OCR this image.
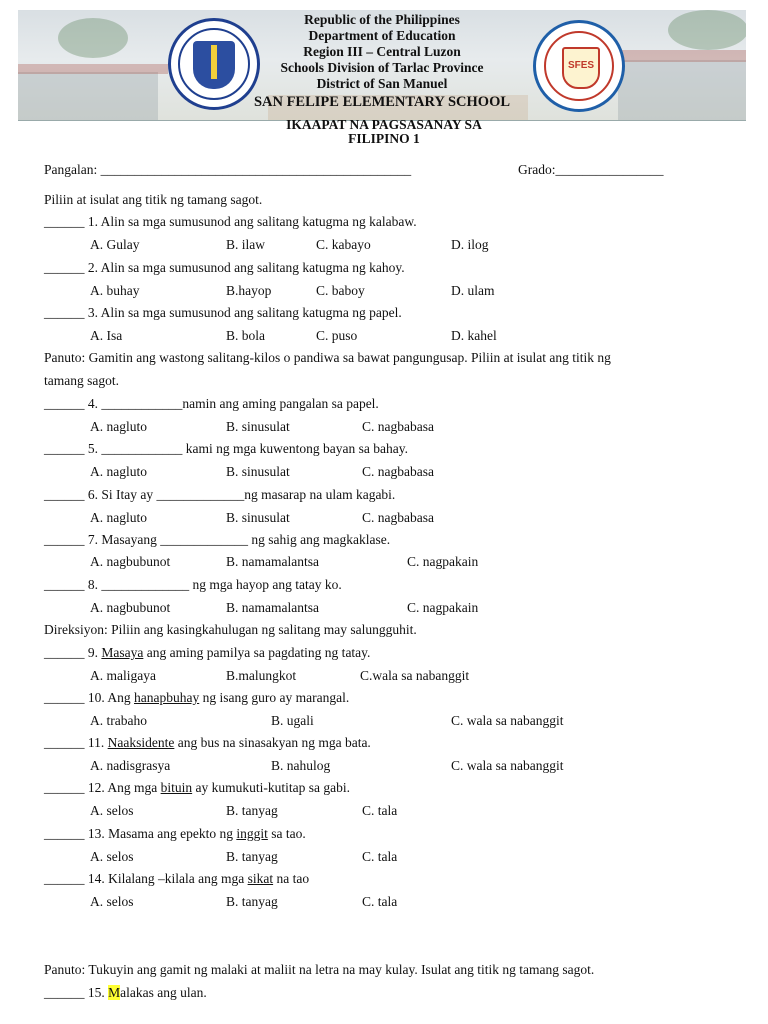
SFES
Republic of the Philippines
Department of Education
Region III – Central Luzon
Schools Division of Tarlac Province
District of San Manuel
SAN FELIPE ELEMENTARY SCHOOL
IKAAPAT NA PAGSASANAY SA
FILIPINO 1
Pangalan: ______________________________________________	Grado:________________
Piliin at isulat ang titik ng tamang sagot.
______ 1. Alin sa mga sumusunod ang salitang katugma ng kalabaw.
A. Gulay	B. ilaw	C. kabayo	D. ilog
______ 2. Alin sa mga sumusunod ang salitang katugma ng kahoy.
A. buhay	B.hayop	C. baboy	D. ulam
______ 3. Alin sa mga sumusunod ang salitang katugma ng papel.
A. Isa	B. bola	C. puso	D. kahel
Panuto: Gamitin ang wastong salitang-kilos o pandiwa sa bawat pangungusap. Piliin at isulat ang titik ng
tamang sagot.
______ 4. ____________namin ang aming pangalan sa papel.
A. nagluto	B. sinusulat	C. nagbabasa
______ 5. ____________ kami ng mga kuwentong bayan sa bahay.
A. nagluto	B. sinusulat	C. nagbabasa
______ 6. Si Itay ay _____________ng masarap na ulam kagabi.
A. nagluto	B. sinusulat	C. nagbabasa
______ 7. Masayang _____________ ng sahig ang magkaklase.
A. nagbubunot	B. namamalantsa	C. nagpakain
______ 8. _____________ ng mga hayop ang tatay ko.
A. nagbubunot	B. namamalantsa	C. nagpakain
Direksiyon: Piliin ang kasingkahulugan ng salitang may salungguhit.
______ 9. Masaya ang aming pamilya sa pagdating ng tatay.
A. maligaya	B.malungkot	C.wala sa nabanggit
______ 10. Ang hanapbuhay ng isang guro ay marangal.
A. trabaho	B. ugali	C. wala sa nabanggit
______ 11. Naaksidente ang bus na sinasakyan ng mga bata.
A. nadisgrasya	B. nahulog	C. wala sa nabanggit
______ 12. Ang mga bituin ay kumukuti-kutitap sa gabi.
A. selos	B. tanyag	C. tala
______ 13. Masama ang epekto ng inggit sa tao.
A. selos	B. tanyag	C. tala
______ 14. Kilalang –kilala ang mga sikat na tao
A. selos	B. tanyag	C. tala
Panuto: Tukuyin ang gamit ng malaki at maliit na letra na may kulay. Isulat ang titik ng tamang sagot.
______ 15. Malakas ang ulan.
